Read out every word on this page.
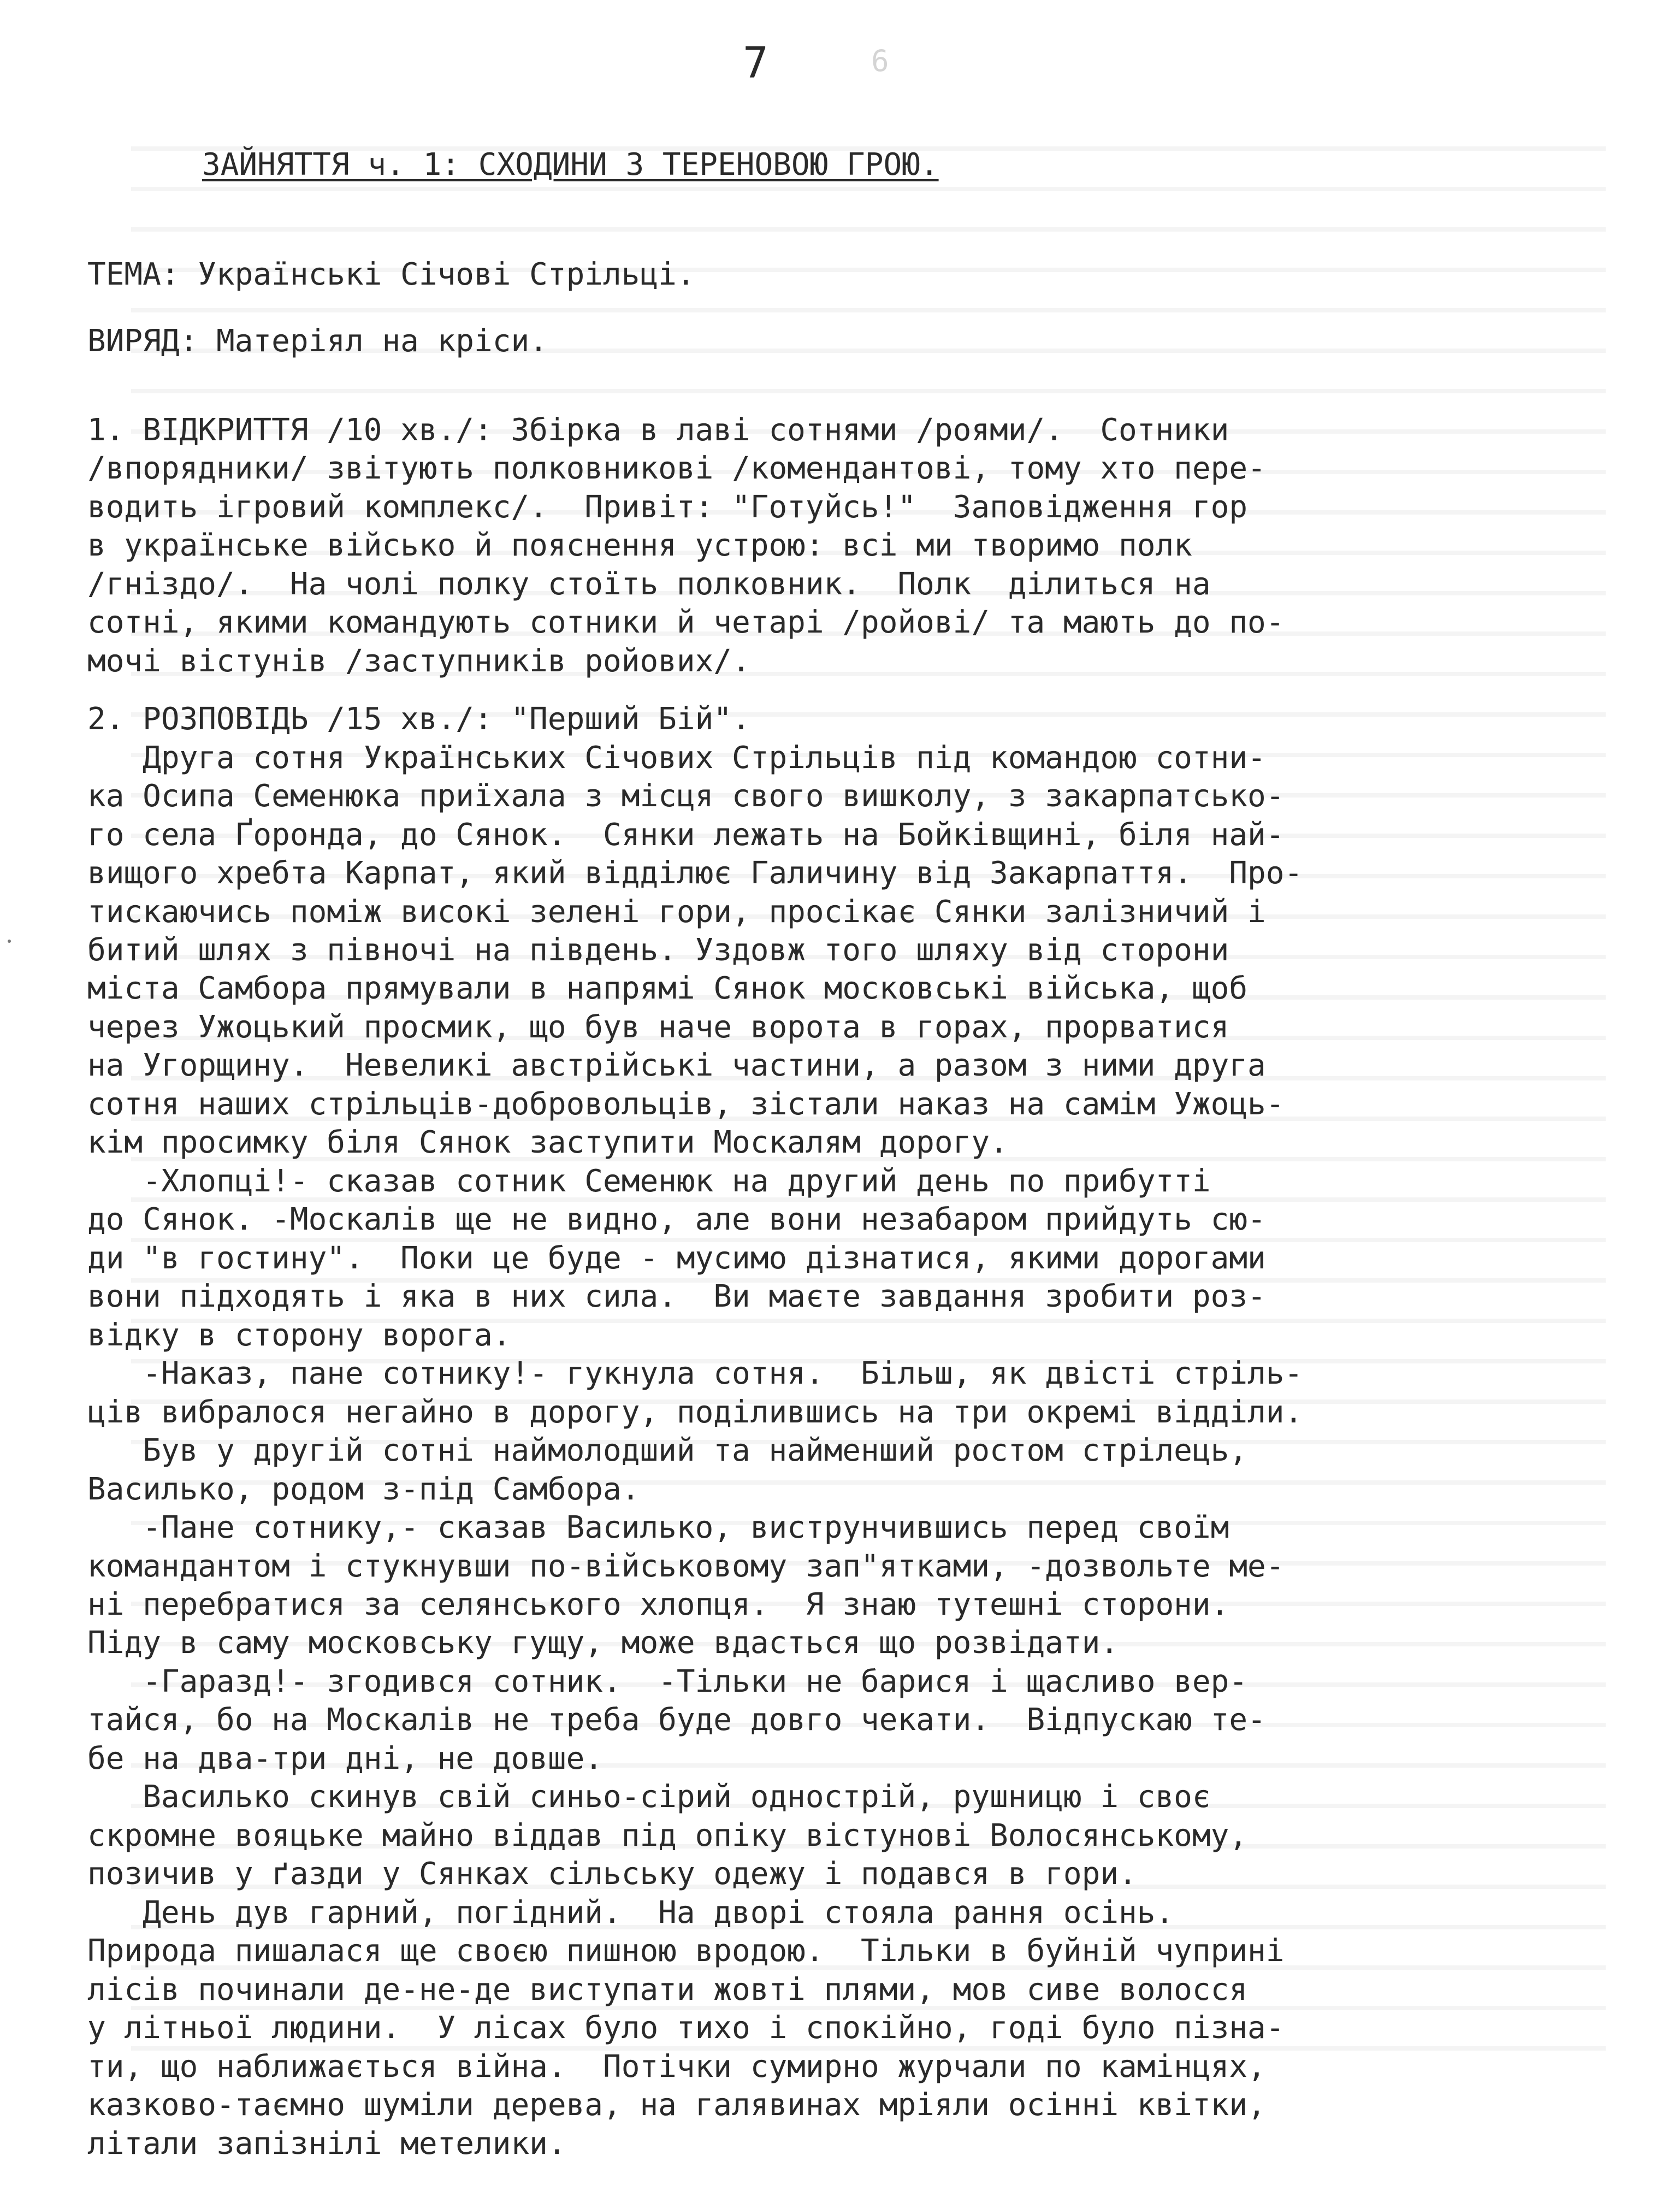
6
7
ЗАЙНЯТТЯ ч. 1: СХОДИНИ З ТЕРЕНОВОЮ ГРОЮ.
ТЕМА: Українські Січові Стрільці.
ВИРЯД: Матеріял на кріси.
1. ВІДКРИТТЯ /10 хв./: Збірка в лаві сотнями /роями/.  Сотники
/впорядники/ звітують полковникові /комендантові, тому хто пере-
водить ігровий комплекс/.  Привіт: "Готуйсь!"  Заповідження гор
в українське військо й пояснення устрою: всі ми творимо полк
/гніздо/.  На чолі полку стоїть полковник.  Полк  ділиться на
сотні, якими командують сотники й четарі /ройові/ та мають до по-
мочі вістунів /заступників ройових/.
2. РОЗПОВІДЬ /15 хв./: "Перший Бій".
Друга сотня Українських Січових Стрільців під командою сотни-
ка Осипа Семенюка приїхала з місця свого вишколу, з закарпатсько-
го села Ґоронда, до Сянок.  Сянки лежать на Бойківщині, біля най-
вищого хребта Карпат, який відділює Галичину від Закарпаття.  Про-
тискаючись поміж високі зелені гори, просікає Сянки залізничий і
битий шлях з півночі на південь. Уздовж того шляху від сторони
міста Самбора прямували в напрямі Сянок московські війська, щоб
через Ужоцький просмик, що був наче ворота в горах, прорватися
на Угорщину.  Невеликі австрійські частини, а разом з ними друга
сотня наших стрільців-добровольців, зістали наказ на самім Ужоць-
кім просимку біля Сянок заступити Москалям дорогу.
-Хлопці!- сказав сотник Семенюк на другий день по прибутті
до Сянок. -Москалів ще не видно, але вони незабаром прийдуть сю-
ди "в гостину".  Поки це буде - мусимо дізнатися, якими дорогами
вони підходять і яка в них сила.  Ви маєте завдання зробити роз-
відку в сторону ворога.
-Наказ, пане сотнику!- гукнула сотня.  Більш, як двісті стріль-
ців вибралося негайно в дорогу, поділившись на три окремі відділи.
Був у другій сотні наймолодший та найменший ростом стрілець,
Василько, родом з-під Самбора.
-Пане сотнику,- сказав Василько, виструнчившись перед своїм
командантом і стукнувши по-військовому зап"ятками, -дозвольте ме-
ні перебратися за селянського хлопця.  Я знаю тутешні сторони.
Піду в саму московську гущу, може вдасться що розвідати.
-Гаразд!- згодився сотник.  -Тільки не барися і щасливо вер-
тайся, бо на Москалів не треба буде довго чекати.  Відпускаю те-
бе на два-три дні, не довше.
Василько скинув свій синьо-сірий однострій, рушницю і своє
скромне вояцьке майно віддав під опіку вістунові Волосянському,
позичив у ґазди у Сянках сільську одежу і подався в гори.
День дув гарний, погідний.  На дворі стояла рання осінь.
Природа пишалася ще своєю пишною вродою.  Тільки в буйній чуприні
лісів починали де-не-де виступати жовті плями, мов сиве волосся
у літньої людини.  У лісах було тихо і спокійно, годі було пізна-
ти, що наближається війна.  Потічки сумирно журчали по камінцях,
казково-таємно шуміли дерева, на галявинах мріяли осінні квітки,
літали запізнілі метелики.
